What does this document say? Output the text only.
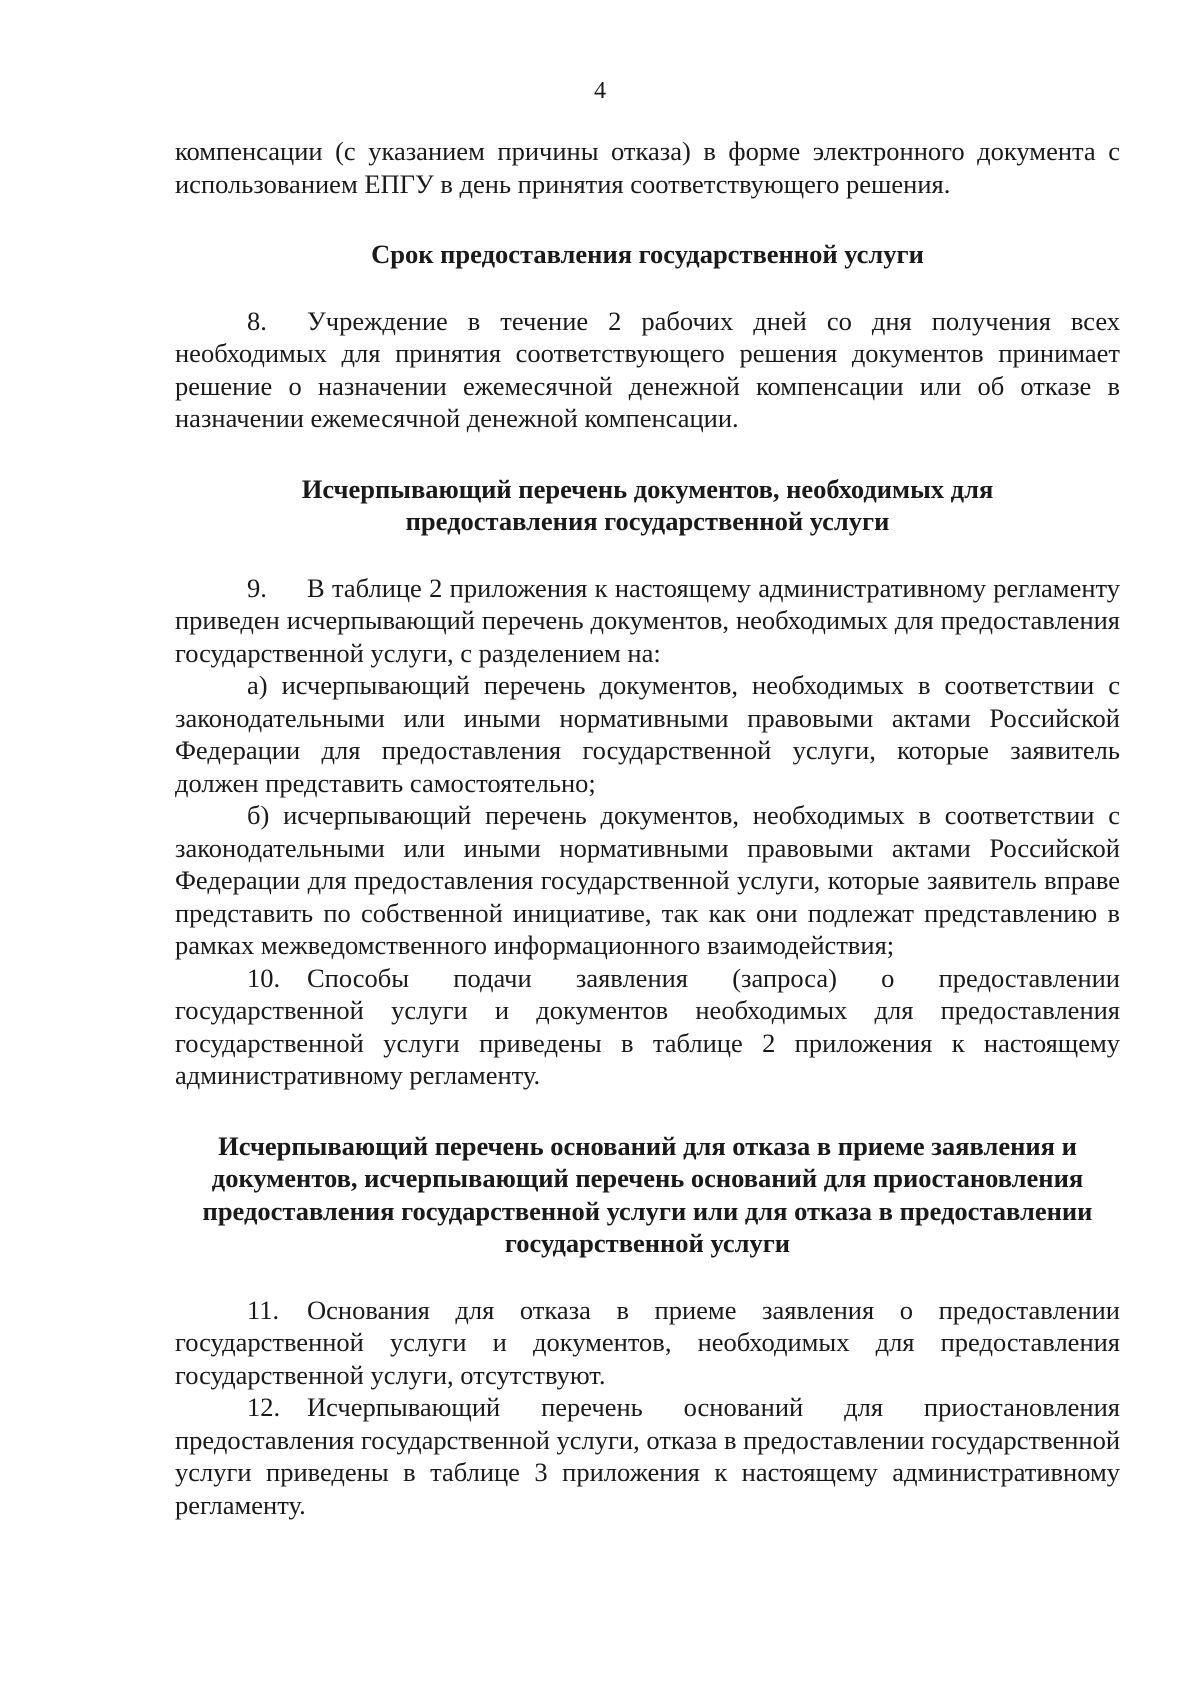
4

компенсации (с указанием причины отказа) в форме электронного документа с использованием ЕПГУ в день принятия соответствующего решения.

Срок предоставления государственной услуги

8. Учреждение в течение 2 рабочих дней со дня получения всех необходимых для принятия соответствующего решения документов принимает решение о назначении ежемесячной денежной компенсации или об отказе в назначении ежемесячной денежной компенсации.

Исчерпывающий перечень документов, необходимых для предоставления государственной услуги

9. В таблице 2 приложения к настоящему административному регламенту приведен исчерпывающий перечень документов, необходимых для предоставления государственной услуги, с разделением на:

а) исчерпывающий перечень документов, необходимых в соответствии с законодательными или иными нормативными правовыми актами Российской Федерации для предоставления государственной услуги, которые заявитель должен представить самостоятельно;

б) исчерпывающий перечень документов, необходимых в соответствии с законодательными или иными нормативными правовыми актами Российской Федерации для предоставления государственной услуги, которые заявитель вправе представить по собственной инициативе, так как они подлежат представлению в рамках межведомственного информационного взаимодействия;

10. Способы подачи заявления (запроса) о предоставлении государственной услуги и документов необходимых для предоставления государственной услуги приведены в таблице 2 приложения к настоящему административному регламенту.

Исчерпывающий перечень оснований для отказа в приеме заявления и документов, исчерпывающий перечень оснований для приостановления предоставления государственной услуги или для отказа в предоставлении государственной услуги

11. Основания для отказа в приеме заявления о предоставлении государственной услуги и документов, необходимых для предоставления государственной услуги, отсутствуют.

12. Исчерпывающий перечень оснований для приостановления предоставления государственной услуги, отказа в предоставлении государственной услуги приведены в таблице 3 приложения к настоящему административному регламенту.
